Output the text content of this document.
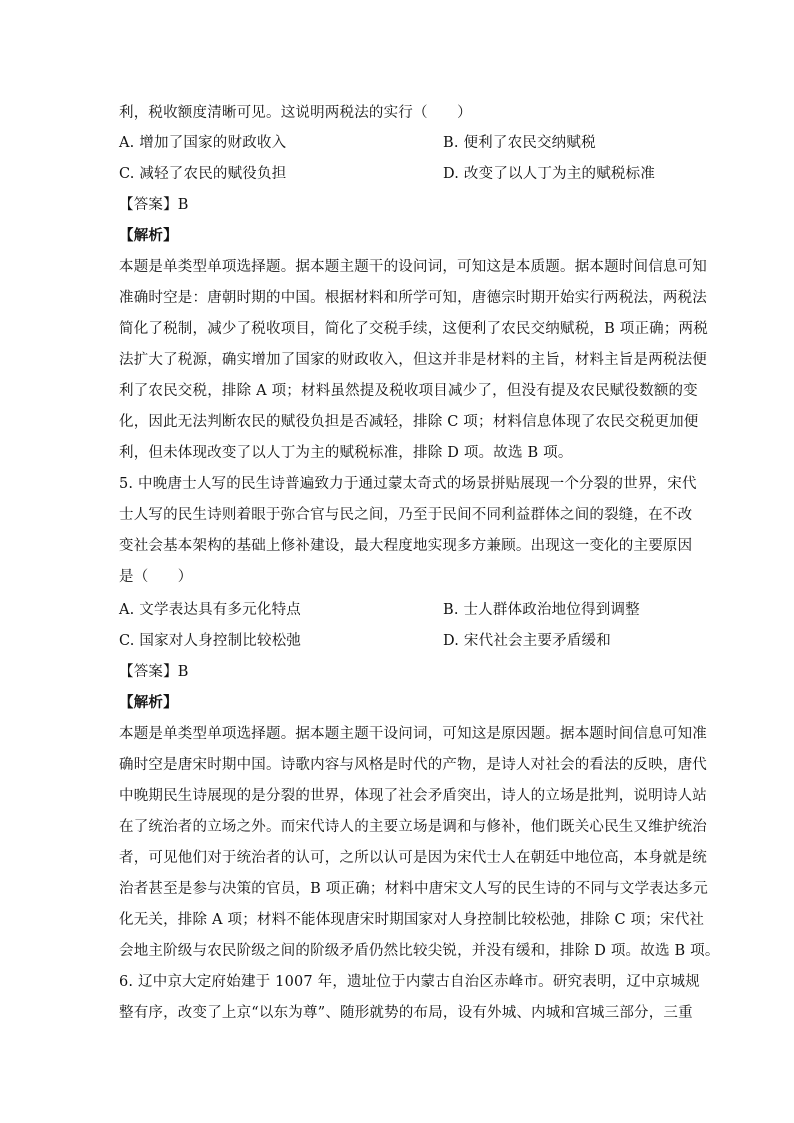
利，税收额度清晰可见。这说明两税法的实行（　　）
A. 增加了国家的财政收入	B. 便利了农民交纳赋税
C. 减轻了农民的赋役负担	D. 改变了以人丁为主的赋税标准
【答案】B
【解析】
本题是单类型单项选择题。据本题主题干的设问词，可知这是本质题。据本题时间信息可知
准确时空是：唐朝时期的中国。根据材料和所学可知，唐德宗时期开始实行两税法，两税法
简化了税制，减少了税收项目，简化了交税手续，这便利了农民交纳赋税，B 项正确；两税
法扩大了税源，确实增加了国家的财政收入，但这并非是材料的主旨，材料主旨是两税法便
利了农民交税，排除 A 项；材料虽然提及税收项目减少了，但没有提及农民赋役数额的变
化，因此无法判断农民的赋役负担是否减轻，排除 C 项；材料信息体现了农民交税更加便
利，但未体现改变了以人丁为主的赋税标准，排除 D 项。故选 B 项。
5. 中晚唐士人写的民生诗普遍致力于通过蒙太奇式的场景拼贴展现一个分裂的世界，宋代
士人写的民生诗则着眼于弥合官与民之间，乃至于民间不同利益群体之间的裂缝，在不改
变社会基本架构的基础上修补建设，最大程度地实现多方兼顾。出现这一变化的主要原因
是（　　）
A. 文学表达具有多元化特点	B. 士人群体政治地位得到调整
C. 国家对人身控制比较松弛	D. 宋代社会主要矛盾缓和
【答案】B
【解析】
本题是单类型单项选择题。据本题主题干设问词，可知这是原因题。据本题时间信息可知准
确时空是唐宋时期中国。诗歌内容与风格是时代的产物，是诗人对社会的看法的反映，唐代
中晚期民生诗展现的是分裂的世界，体现了社会矛盾突出，诗人的立场是批判，说明诗人站
在了统治者的立场之外。而宋代诗人的主要立场是调和与修补，他们既关心民生又维护统治
者，可见他们对于统治者的认可，之所以认可是因为宋代士人在朝廷中地位高，本身就是统
治者甚至是参与决策的官员，B 项正确；材料中唐宋文人写的民生诗的不同与文学表达多元
化无关，排除 A 项；材料不能体现唐宋时期国家对人身控制比较松弛，排除 C 项；宋代社
会地主阶级与农民阶级之间的阶级矛盾仍然比较尖锐，并没有缓和，排除 D 项。故选 B 项。
6. 辽中京大定府始建于 1007 年，遗址位于内蒙古自治区赤峰市。研究表明，辽中京城规
整有序，改变了上京“以东为尊”、随形就势的布局，设有外城、内城和宫城三部分，三重
